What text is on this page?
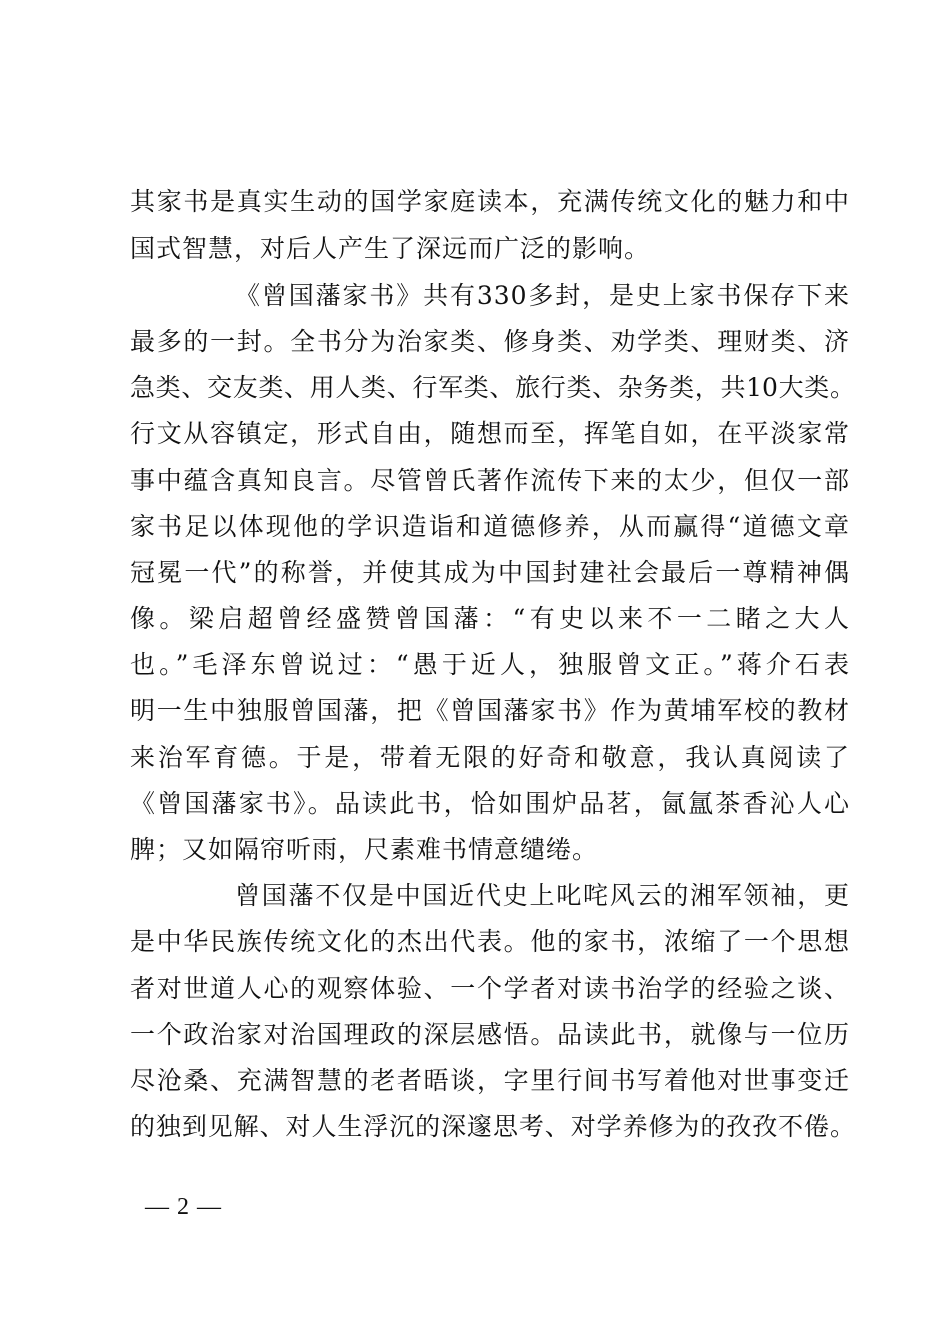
其家书是真实生动的国学家庭读本，充满传统文化的魅力和中
国式智慧，对后人产生了深远而广泛的影响。
《曾国藩家书》共有330多封，是史上家书保存下来
最多的一封。全书分为治家类、修身类、劝学类、理财类、济
急类、交友类、用人类、行军类、旅行类、杂务类，共10大类。
行文从容镇定，形式自由，随想而至，挥笔自如，在平淡家常
事中蕴含真知良言。尽管曾氏著作流传下来的太少，但仅一部
家书足以体现他的学识造诣和道德修养，从而赢得“道德文章
冠冕一代”的称誉，并使其成为中国封建社会最后一尊精神偶
像。梁启超曾经盛赞曾国藩：“有史以来不一二睹之大人
也。”毛泽东曾说过：“愚于近人，独服曾文正。”蒋介石表
明一生中独服曾国藩，把《曾国藩家书》作为黄埔军校的教材
来治军育德。于是，带着无限的好奇和敬意，我认真阅读了
《曾国藩家书》。品读此书，恰如围炉品茗，氤氲茶香沁人心
脾；又如隔帘听雨，尺素难书情意缱绻。
曾国藩不仅是中国近代史上叱咤风云的湘军领袖，更
是中华民族传统文化的杰出代表。他的家书，浓缩了一个思想
者对世道人心的观察体验、一个学者对读书治学的经验之谈、
一个政治家对治国理政的深层感悟。品读此书，就像与一位历
尽沧桑、充满智慧的老者晤谈，字里行间书写着他对世事变迁
的独到见解、对人生浮沉的深邃思考、对学养修为的孜孜不倦。
— 2 —
